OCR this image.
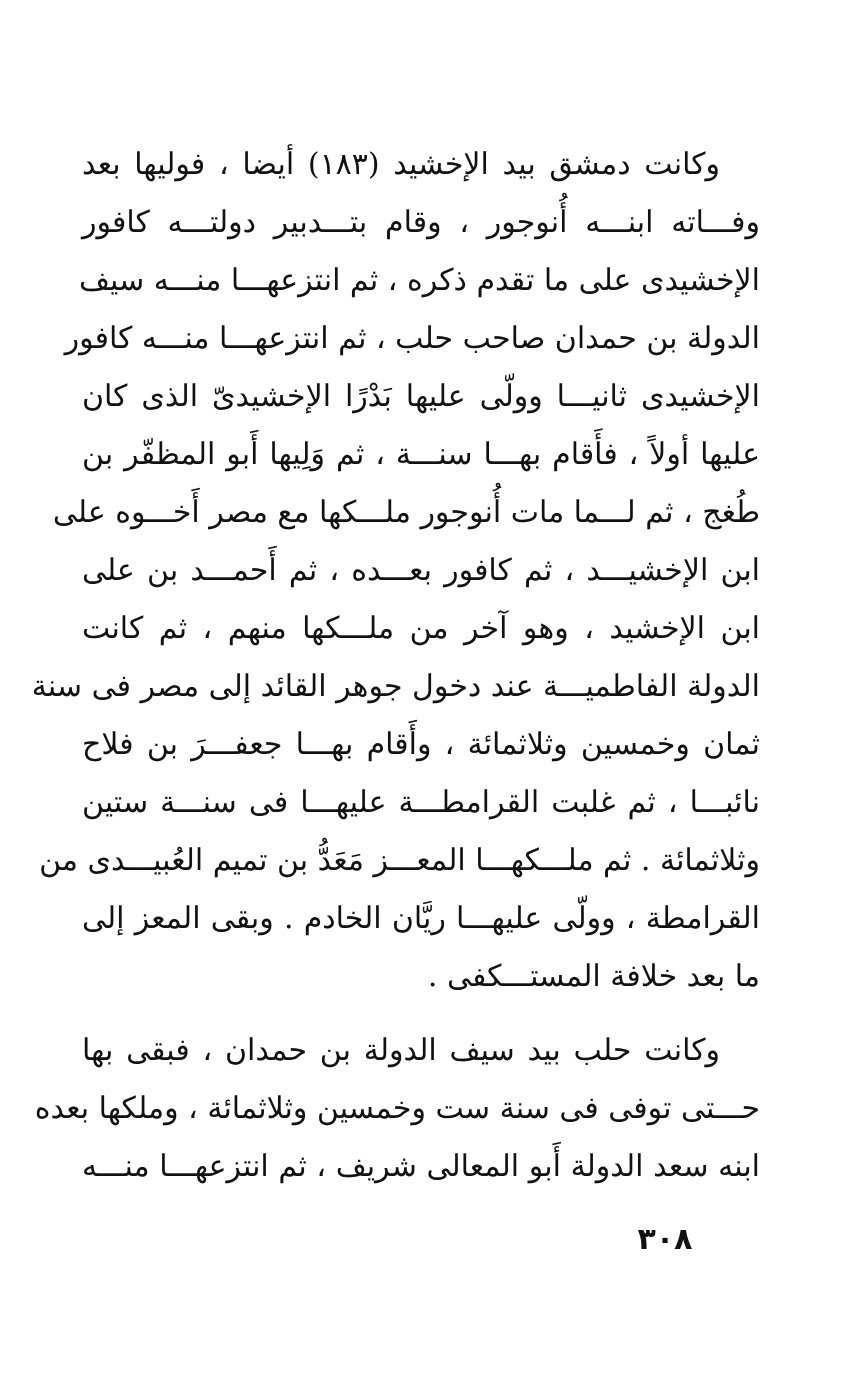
وكانت دمشق بيد الإخشيد (١٨٣) أيضا ، فوليها بعد
وفـــاته ابنـــه أُنوجور ، وقام بتـــدبير دولتـــه كافور
الإخشيدى على ما تقدم ذكره ، ثم انتزعهـــا منـــه سيف
الدولة بن حمدان صاحب حلب ، ثم انتزعهـــا منـــه كافور
الإخشيدى ثانيـــا وولّى عليها بَدْرًا الإخشيدىّ الذى كان
عليها أولاً ، فأَقام بهـــا سنـــة ، ثم وَلِيها أَبو المظفّر بن
طُغج ، ثم لـــما مات أُنوجور ملـــكها مع مصر أَخـــوه على
ابن الإخشيـــد ، ثم كافور بعـــده ، ثم أَحمـــد بن على
ابن الإخشيد ، وهو آخر من ملـــكها منهم ، ثم كانت
الدولة الفاطميـــة عند دخول جوهر القائد إلى مصر فى سنة
ثمان وخمسين وثلاثمائة ، وأَقام بهـــا جعفـــرَ بن فلاح
نائبـــا ، ثم غلبت القرامطـــة عليهـــا فى سنـــة ستين
وثلاثمائة . ثم ملـــكهـــا المعـــز مَعَدُّ بن تميم العُبيـــدى من
القرامطة ، وولّى عليهـــا ريَّان الخادم . وبقى المعز إلى
ما بعد خلافة المستـــكفى .
وكانت حلب بيد سيف الدولة بن حمدان ، فبقى بها
حـــتى توفى فى سنة ست وخمسين وثلاثمائة ، وملكها بعده
ابنه سعد الدولة أَبو المعالى شريف ، ثم انتزعهـــا منـــه
٣٠٨
